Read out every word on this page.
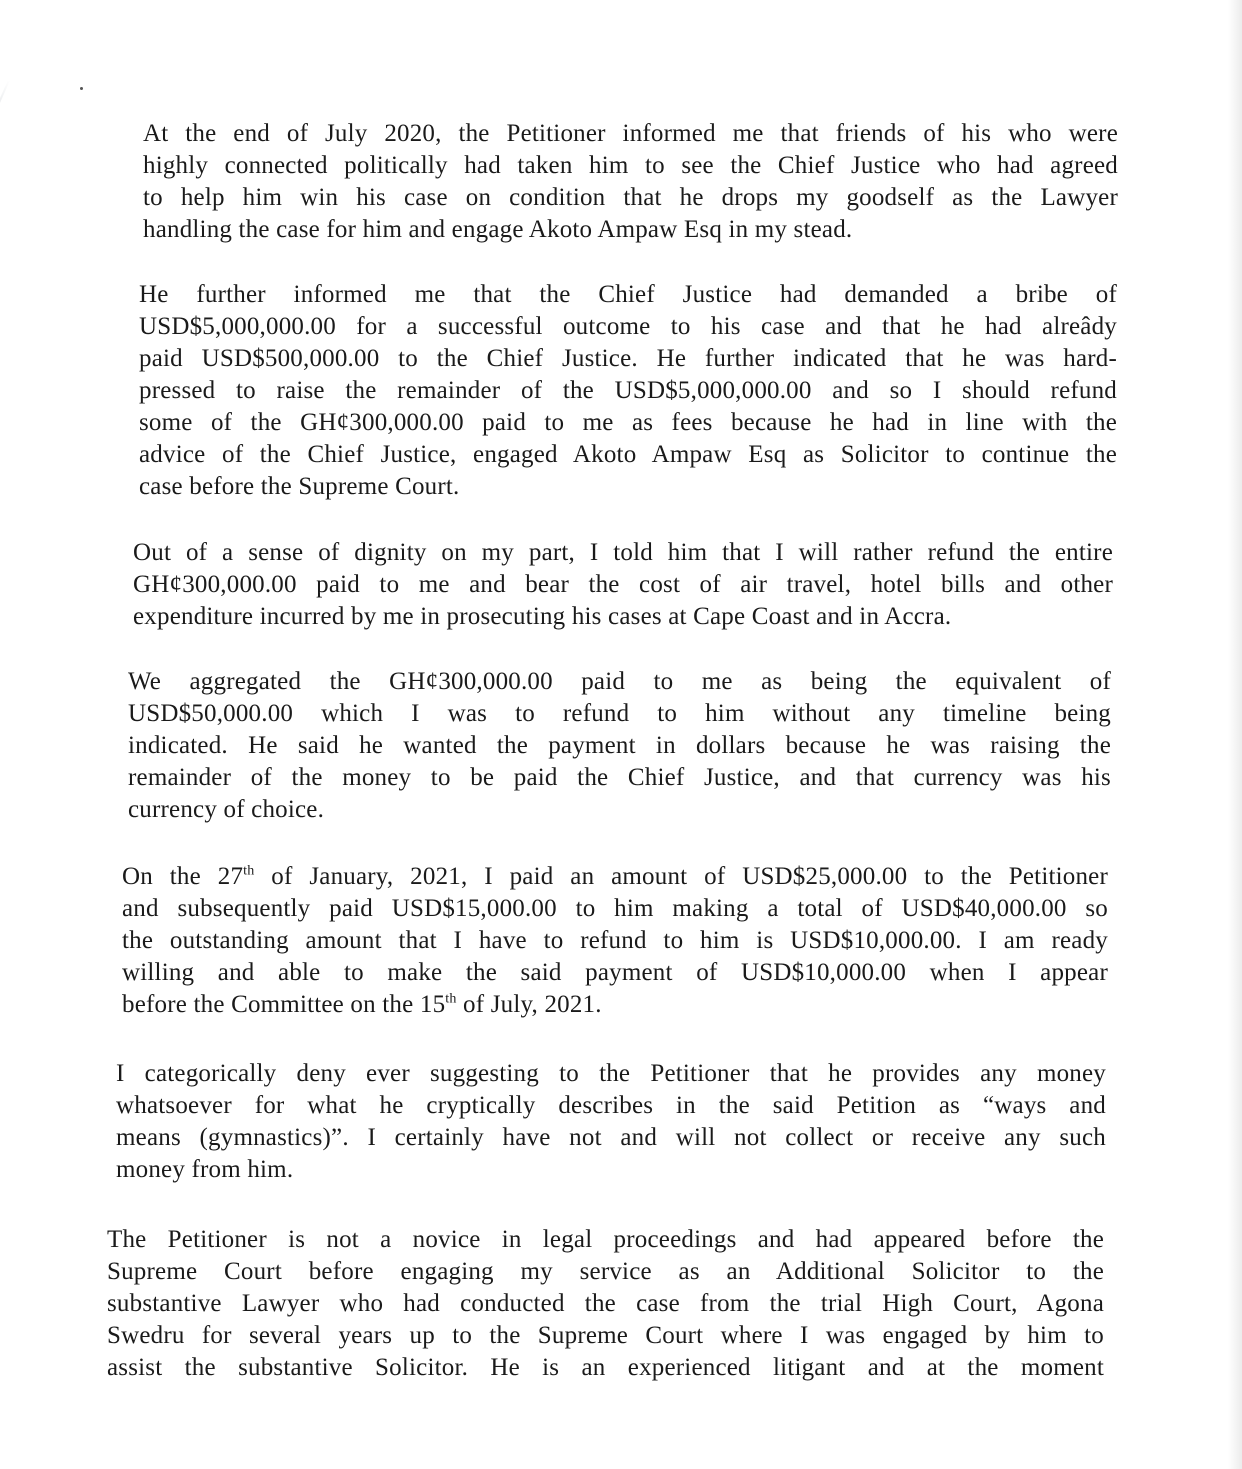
At the end of July 2020, the Petitioner informed me that friends of his who were
highly connected politically had taken him to see the Chief Justice who had agreed
to help him win his case on condition that he drops my goodself as the Lawyer
handling the case for him and engage Akoto Ampaw Esq in my stead.
He further informed me that the Chief Justice had demanded a bribe of
USD$5,000,000.00 for a successful outcome to his case and that he had alreâdy
paid USD$500,000.00 to the Chief Justice. He further indicated that he was hard-
pressed to raise the remainder of the USD$5,000,000.00 and so I should refund
some of the GH¢300,000.00 paid to me as fees because he had in line with the
advice of the Chief Justice, engaged Akoto Ampaw Esq as Solicitor to continue the
case before the Supreme Court.
Out of a sense of dignity on my part, I told him that I will rather refund the entire
GH¢300,000.00 paid to me and bear the cost of air travel, hotel bills and other
expenditure incurred by me in prosecuting his cases at Cape Coast and in Accra.
We aggregated the GH¢300,000.00 paid to me as being the equivalent of
USD$50,000.00 which I was to refund to him without any timeline being
indicated. He said he wanted the payment in dollars because he was raising the
remainder of the money to be paid the Chief Justice, and that currency was his
currency of choice.
On the 27th of January, 2021, I paid an amount of USD$25,000.00 to the Petitioner
and subsequently paid USD$15,000.00 to him making a total of USD$40,000.00 so
the outstanding amount that I have to refund to him is USD$10,000.00. I am ready
willing and able to make the said payment of USD$10,000.00 when I appear
before the Committee on the 15th of July, 2021.
I categorically deny ever suggesting to the Petitioner that he provides any money
whatsoever for what he cryptically describes in the said Petition as “ways and
means (gymnastics)”. I certainly have not and will not collect or receive any such
money from him.
The Petitioner is not a novice in legal proceedings and had appeared before the
Supreme Court before engaging my service as an Additional Solicitor to the
substantive Lawyer who had conducted the case from the trial High Court, Agona
Swedru for several years up to the Supreme Court where I was engaged by him to
assist the substantive Solicitor. He is an experienced litigant and at the moment
